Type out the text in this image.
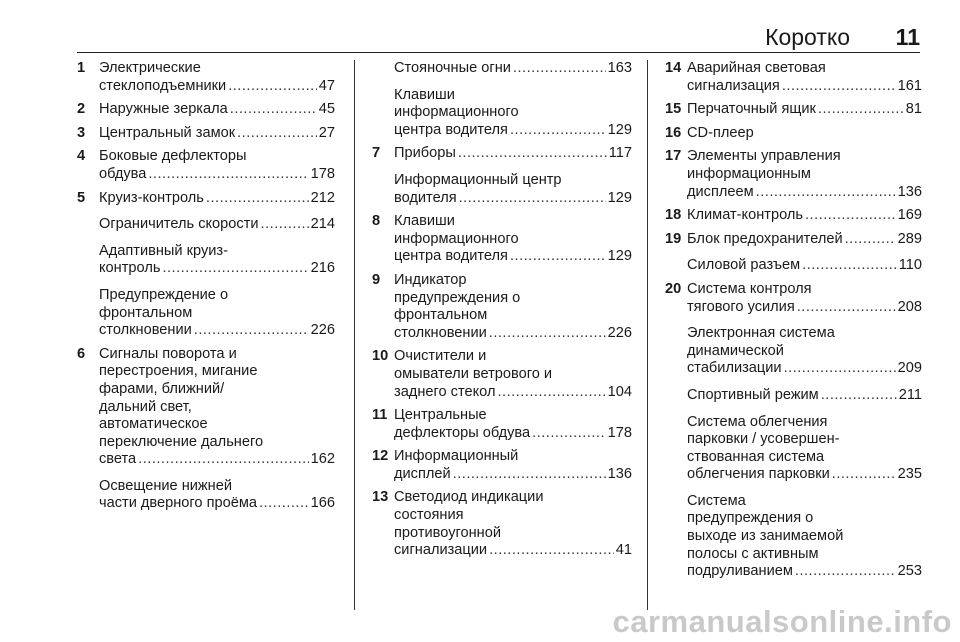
Коротко 11
1 Электрические
стеклоподъемники .....	47
2 Наружные зеркала .....	45
3 Центральный замок .....	27
4 Боковые дефлекторы
обдува .....	178
5 Круиз-контроль .....	212
Ограничитель скорости .....	214
Адаптивный круиз-
контроль .....	216
Предупреждение о
фронтальном
столкновении .....	226
6 Сигналы поворота и
перестроения, мигание
фарами, ближний/
дальний свет,
автоматическое
переключение дальнего
света .....	162
Освещение нижней
части дверного проёма .....	166
Стояночные огни .....	163
Клавиши
информационного
центра водителя .....	129
7 Приборы .....	117
Информационный центр
водителя .....	129
8 Клавиши
информационного
центра водителя .....	129
9 Индикатор
предупреждения о
фронтальном
столкновении .....	226
10 Очистители и
омыватели ветрового и
заднего стекол .....	104
11 Центральные
дефлекторы обдува .....	178
12 Информационный
дисплей .....	136
13 Светодиод индикации
состояния
противоугонной
сигнализации .....	41
14 Аварийная световая
сигнализация .....	161
15 Перчаточный ящик .....	81
16 CD-плеер
17 Элементы управления
информационным
дисплеем .....	136
18 Климат-контроль .....	169
19 Блок предохранителей .....	289
Силовой разъем .....	110
20 Система контроля
тягового усилия .....	208
Электронная система
динамической
стабилизации .....	209
Спортивный режим .....	211
Система облегчения
парковки / усовершен-
ствованная система
облегчения парковки .....	235
Система
предупреждения о
выходе из занимаемой
полосы с активным
подруливанием .....	253
carmanualsonline.info
